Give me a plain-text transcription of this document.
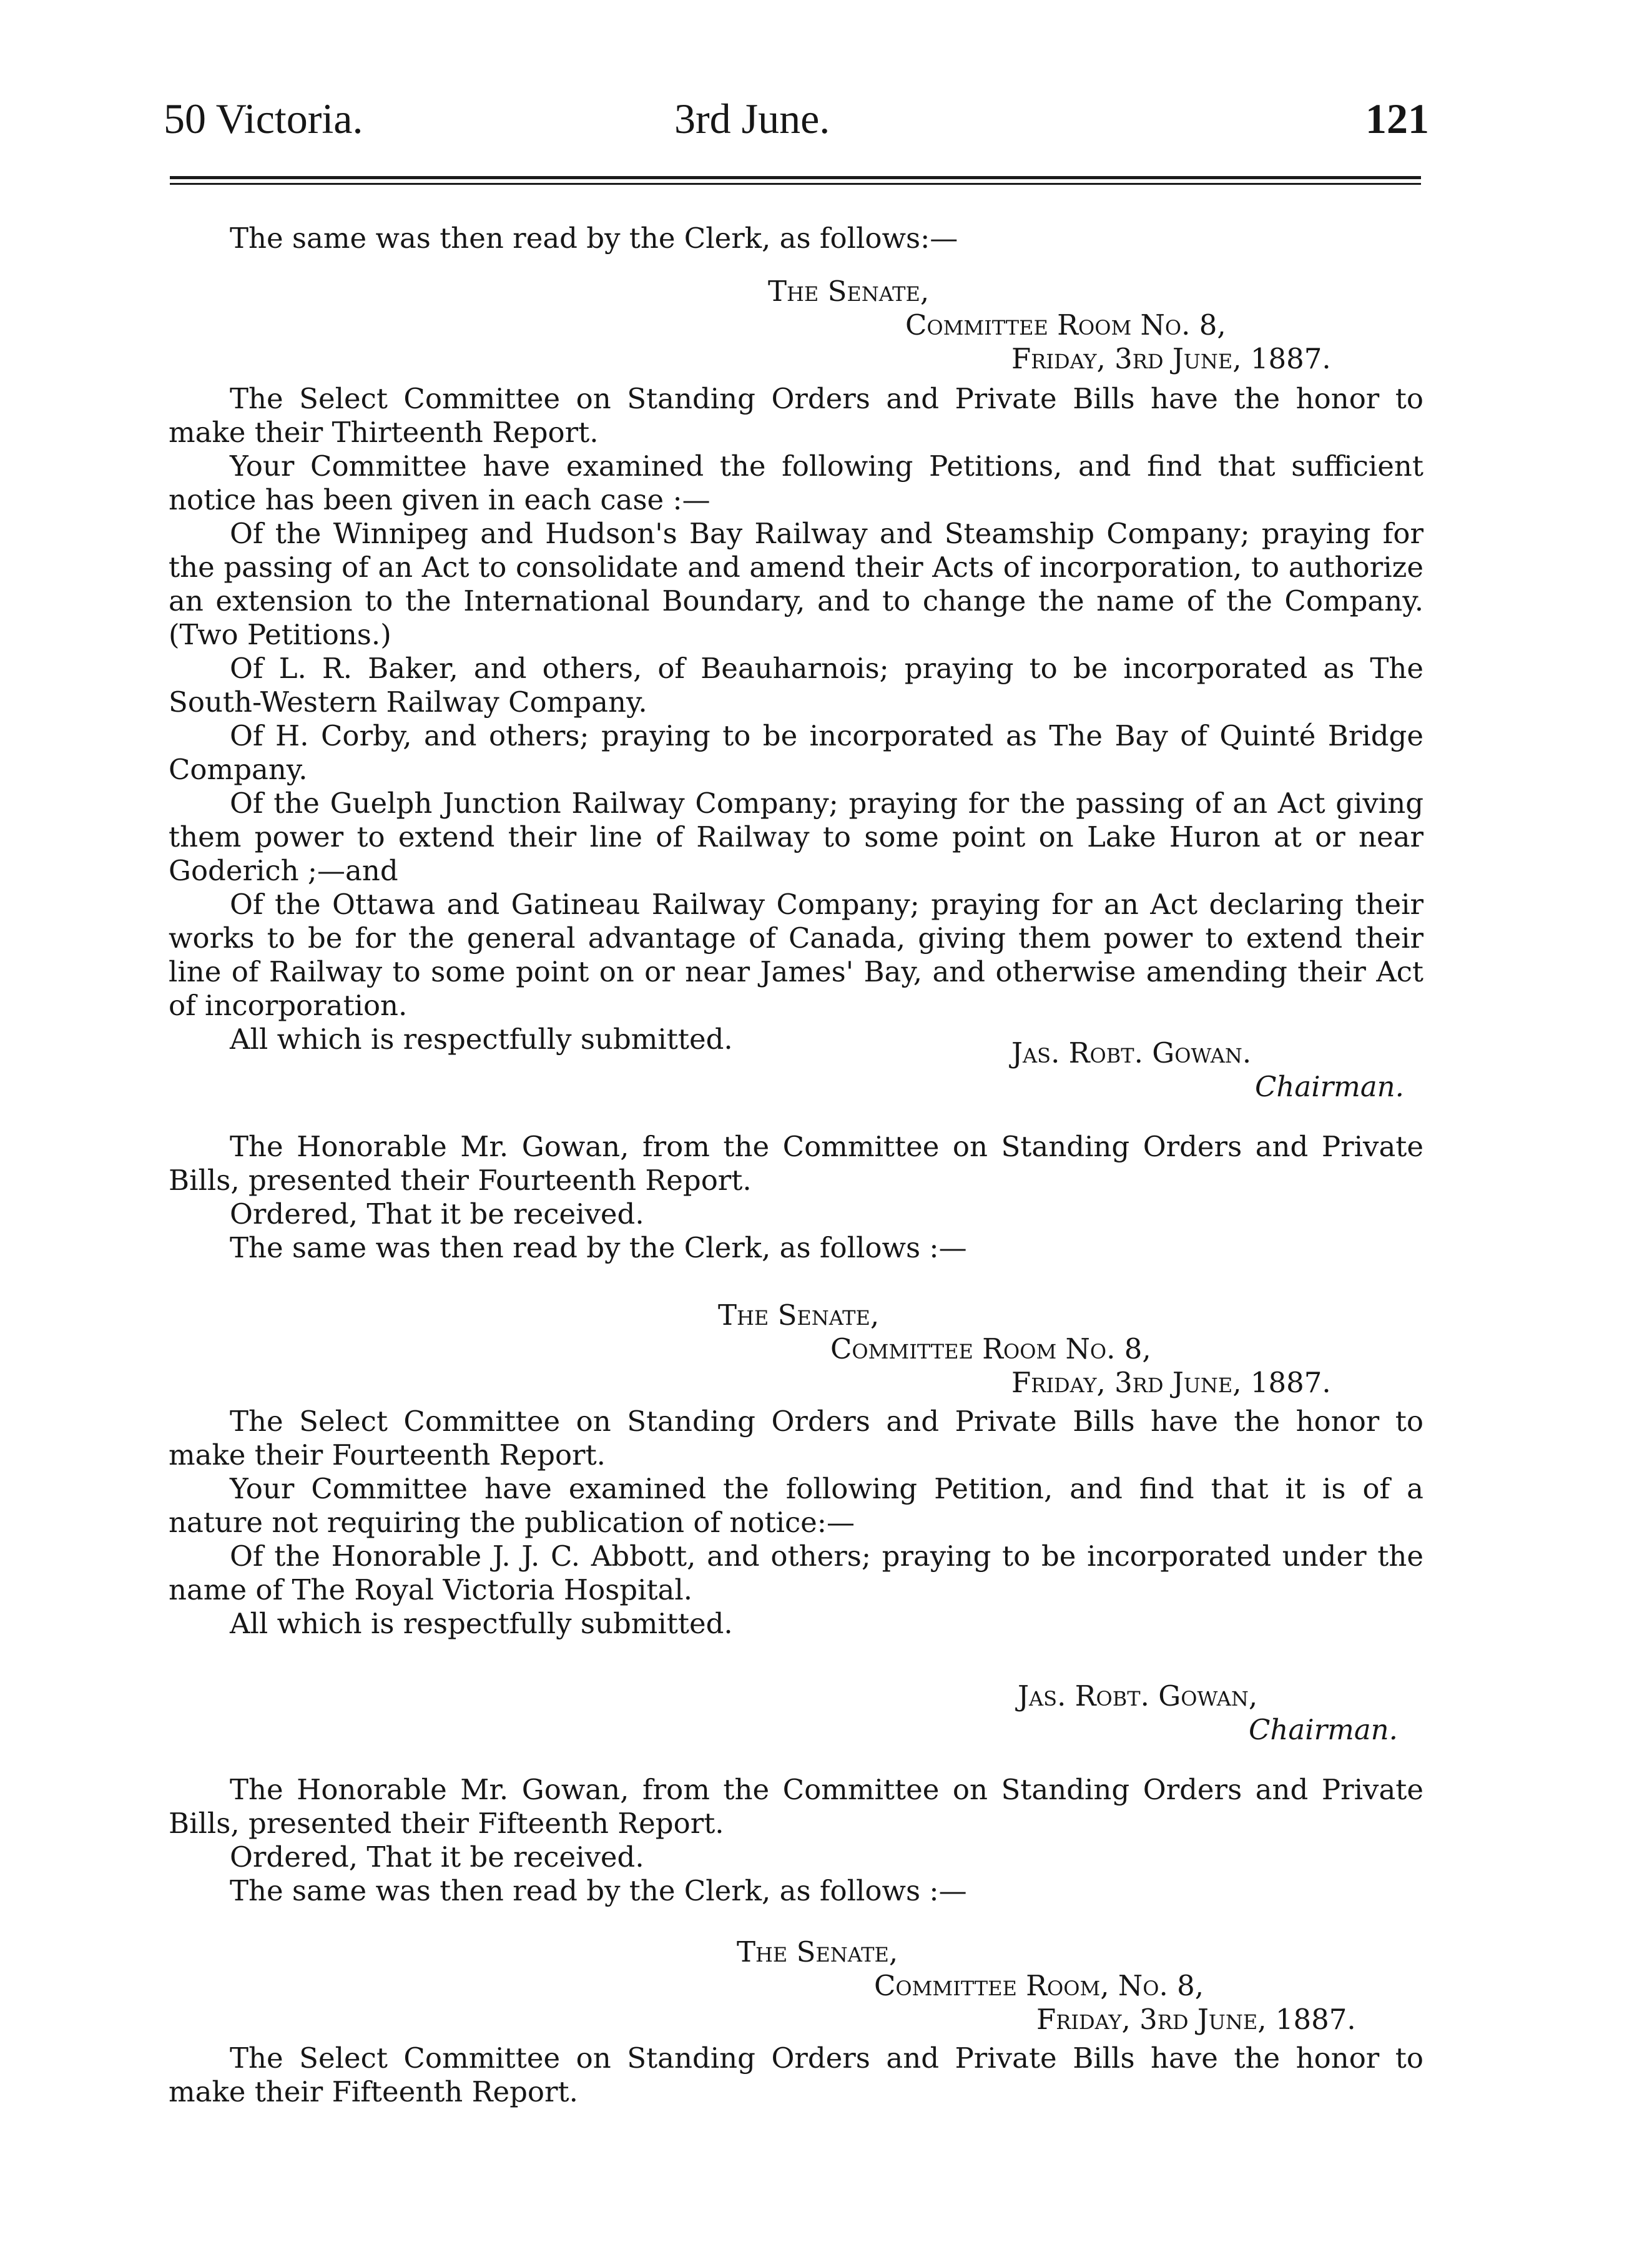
50 Victoria.	3rd June.	121

The same was then read by the Clerk, as follows:—

The Senate,

Committee Room No. 8,

Friday, 3rd June, 1887.

The Select Committee on Standing Orders and Private Bills have the honor to make their Thirteenth Report.

Your Committee have examined the following Petitions, and find that sufficient notice has been given in each case :—

Of the Winnipeg and Hudson's Bay Railway and Steamship Company; praying for the passing of an Act to consolidate and amend their Acts of incorporation, to authorize an extension to the International Boundary, and to change the name of the Company. (Two Petitions.)

Of L. R. Baker, and others, of Beauharnois; praying to be incorporated as The South-Western Railway Company.

Of H. Corby, and others; praying to be incorporated as The Bay of Quinté Bridge Company.

Of the Guelph Junction Railway Company; praying for the passing of an Act giving them power to extend their line of Railway to some point on Lake Huron at or near Goderich ;—and

Of the Ottawa and Gatineau Railway Company; praying for an Act declaring their works to be for the general advantage of Canada, giving them power to extend their line of Railway to some point on or near James' Bay, and otherwise amending their Act of incorporation.

All which is respectfully submitted.	Jas. Robt. Gowan.

Chairman.

The Honorable Mr. Gowan, from the Committee on Standing Orders and Private Bills, presented their Fourteenth Report.

Ordered, That it be received.

The same was then read by the Clerk, as follows :—

The Senate,

Committee Room No. 8,

Friday, 3rd June, 1887.

The Select Committee on Standing Orders and Private Bills have the honor to make their Fourteenth Report.

Your Committee have examined the following Petition, and find that it is of a nature not requiring the publication of notice:—

Of the Honorable J. J. C. Abbott, and others; praying to be incorporated under the name of The Royal Victoria Hospital.

All which is respectfully submitted.

Jas. Robt. Gowan,

Chairman.

The Honorable Mr. Gowan, from the Committee on Standing Orders and Private Bills, presented their Fifteenth Report.

Ordered, That it be received.

The same was then read by the Clerk, as follows :—

The Senate,

Committee Room, No. 8,

Friday, 3rd June, 1887.

The Select Committee on Standing Orders and Private Bills have the honor to make their Fifteenth Report.
